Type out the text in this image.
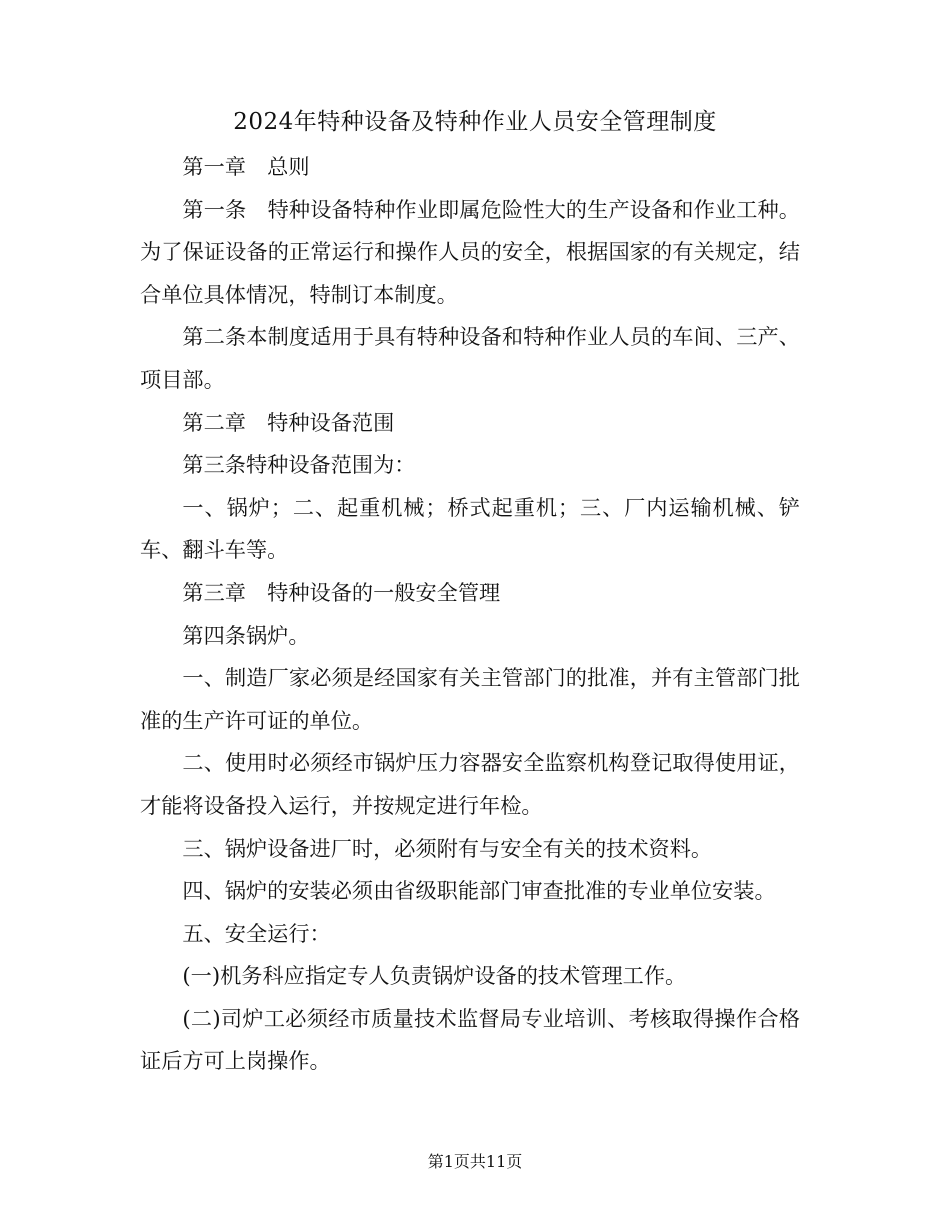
2024年特种设备及特种作业人员安全管理制度

第一章　总则

第一条　特种设备特种作业即属危险性大的生产设备和作业工种。为了保证设备的正常运行和操作人员的安全，根据国家的有关规定，结合单位具体情况，特制订本制度。

第二条本制度适用于具有特种设备和特种作业人员的车间、三产、项目部。

第二章　特种设备范围

第三条特种设备范围为：

一、锅炉；二、起重机械；桥式起重机；三、厂内运输机械、铲车、翻斗车等。

第三章　特种设备的一般安全管理

第四条锅炉。

一、制造厂家必须是经国家有关主管部门的批准，并有主管部门批准的生产许可证的单位。

二、使用时必须经市锅炉压力容器安全监察机构登记取得使用证，才能将设备投入运行，并按规定进行年检。

三、锅炉设备进厂时，必须附有与安全有关的技术资料。

四、锅炉的安装必须由省级职能部门审查批准的专业单位安装。

五、安全运行：

(一)机务科应指定专人负责锅炉设备的技术管理工作。

(二)司炉工必须经市质量技术监督局专业培训、考核取得操作合格证后方可上岗操作。

第1页共11页
